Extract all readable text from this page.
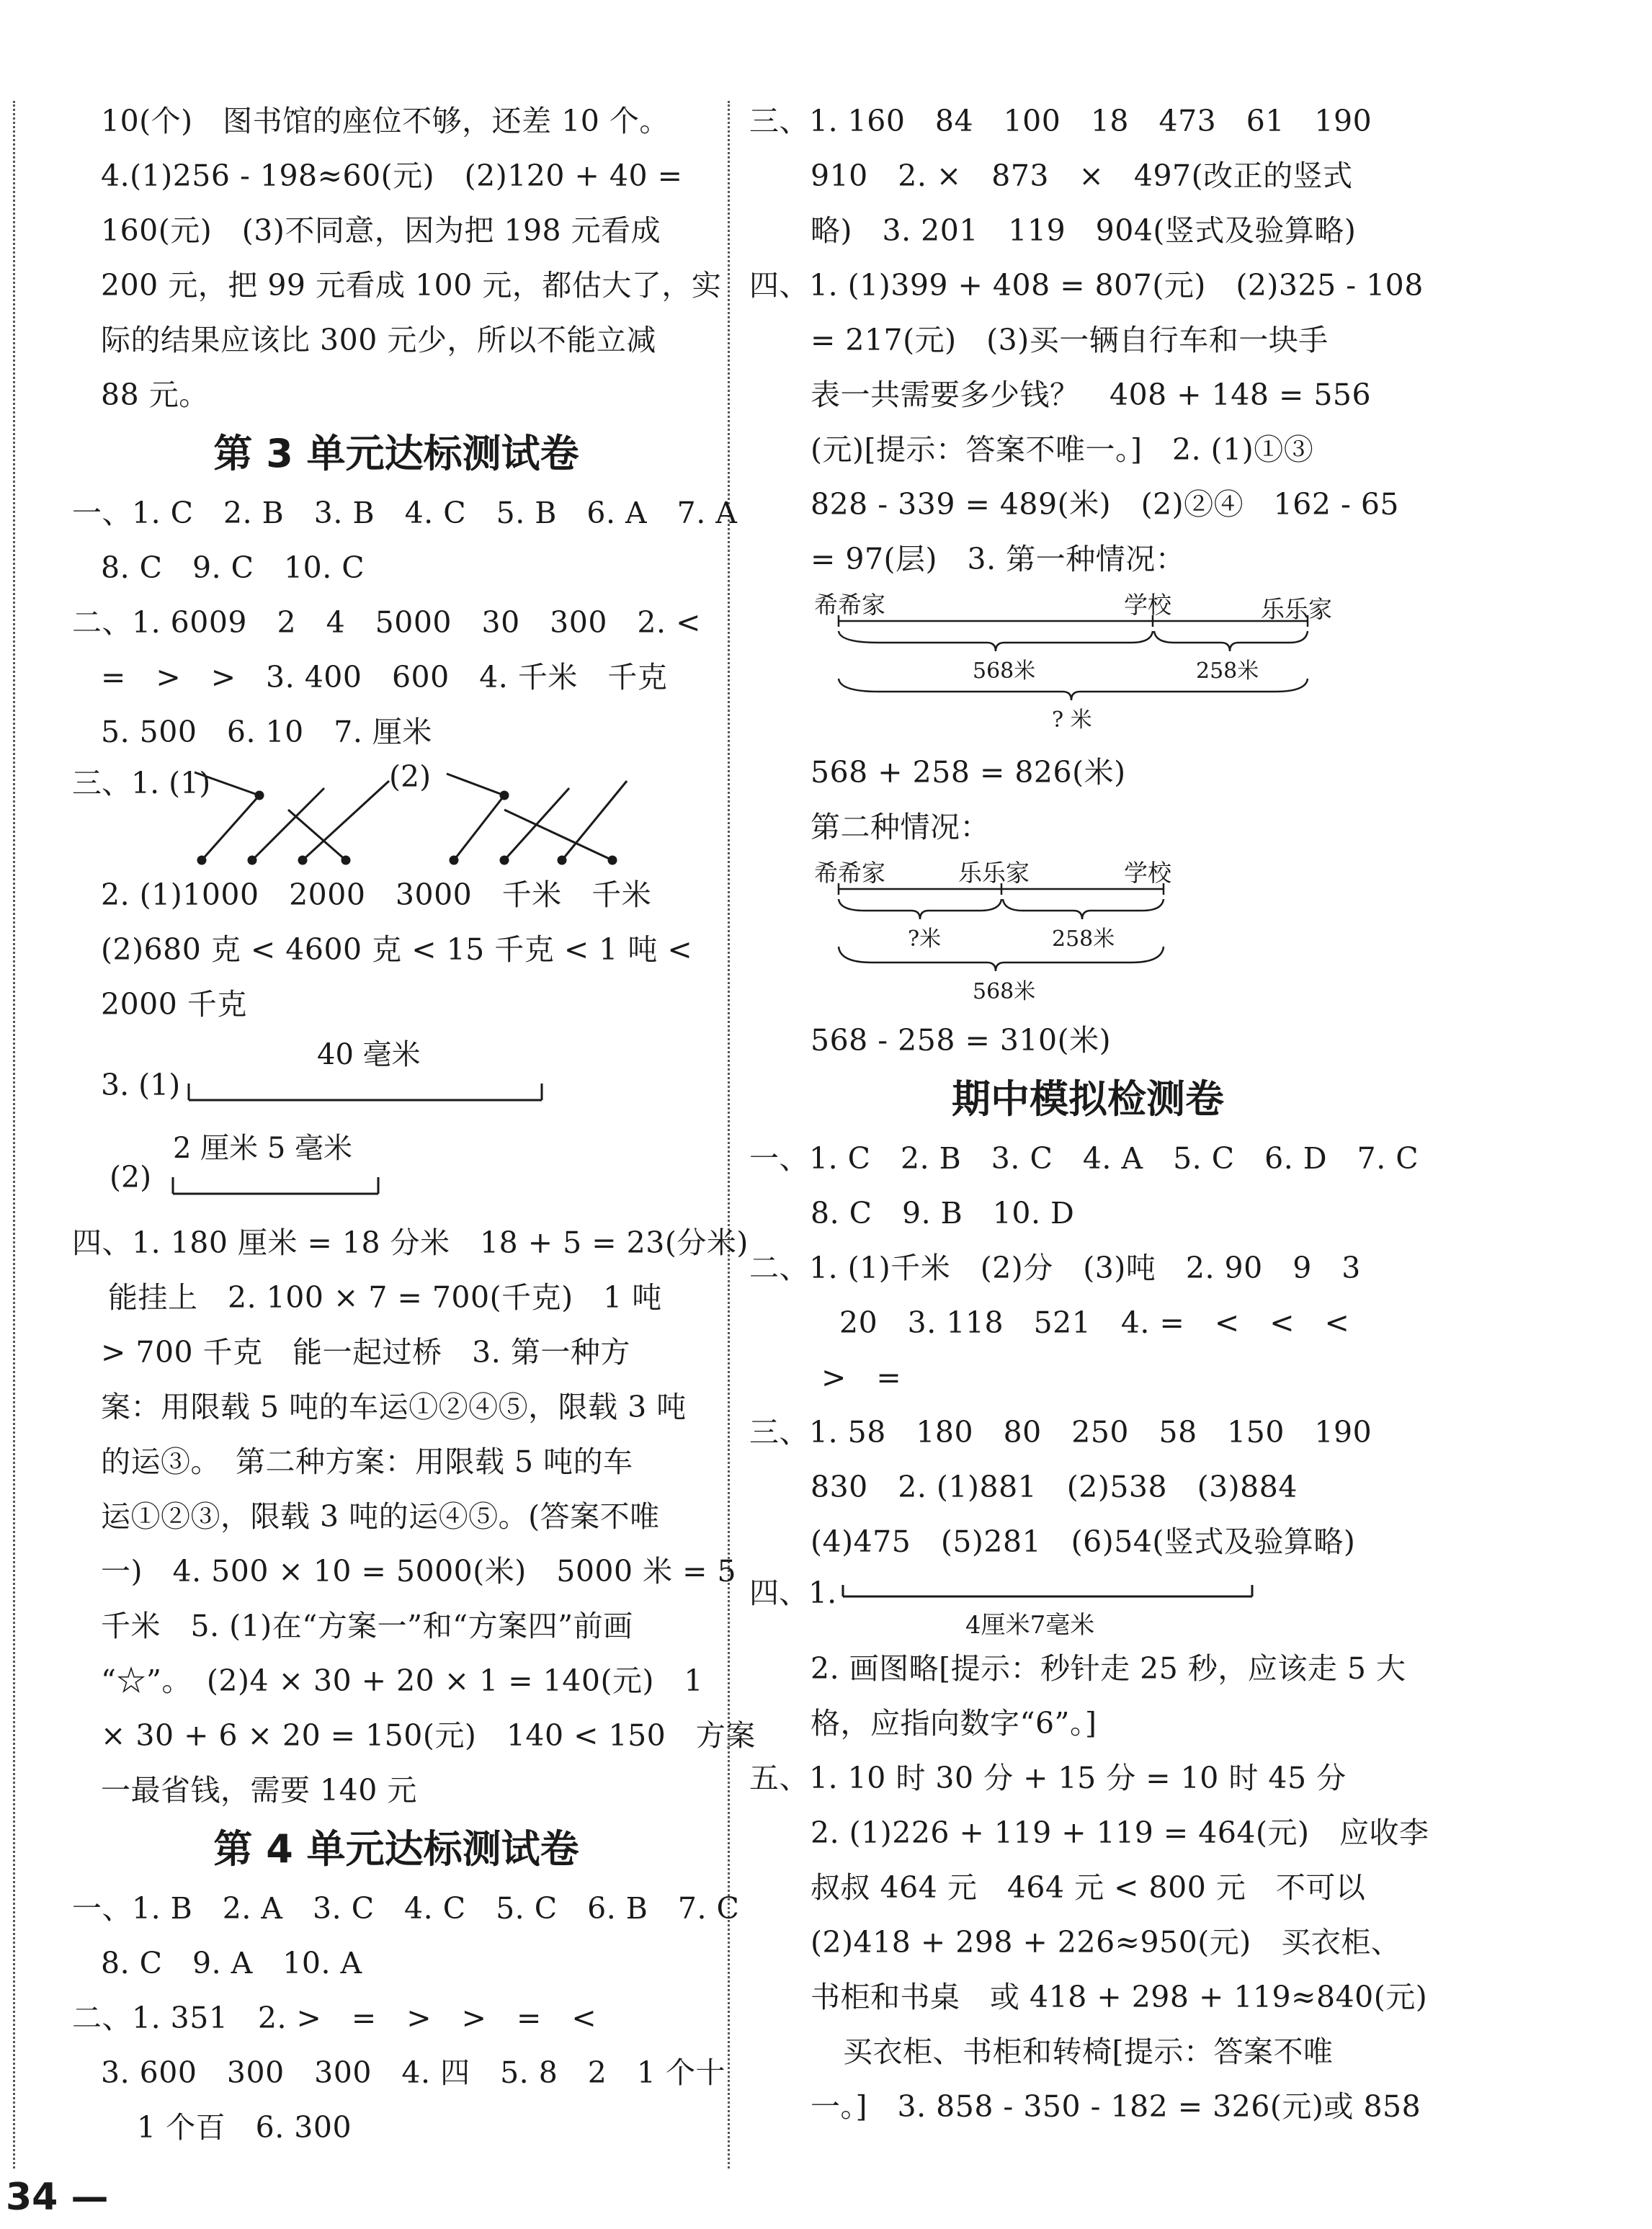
10(个)　图书馆的座位不够，还差 10 个。
4.(1)256 - 198≈60(元)　(2)120 + 40 =
160(元)　(3)不同意，因为把 198 元看成
200 元，把 99 元看成 100 元，都估大了，实
际的结果应该比 300 元少，所以不能立减
88 元。
第 3 单元达标测试卷
一、1. C　2. B　3. B　4. C　5. B　6. A　7. A
8. C　9. C　10. C
二、1. 6009　2　4　5000　30　300　2. <
=　>　>　3. 400　600　4. 千米　千克
5. 500　6. 10　7. 厘米
三、1. (1)	(2)
2. (1)1000　2000　3000　千米　千米
(2)680 克 < 4600 克 < 15 千克 < 1 吨 <
2000 千克
40 毫米
3. (1)
2 厘米 5 毫米
(2)
四、1. 180 厘米 = 18 分米　18 + 5 = 23(分米)
能挂上　2. 100 × 7 = 700(千克)　1 吨
> 700 千克　能一起过桥　3. 第一种方
案：用限载 5 吨的车运①②④⑤，限载 3 吨
的运③。　第二种方案：用限载 5 吨的车
运①②③，限载 3 吨的运④⑤。(答案不唯
一)　4. 500 × 10 = 5000(米)　5000 米 = 5
千米　5. (1)在“方案一”和“方案四”前画
“☆”。　(2)4 × 30 + 20 × 1 = 140(元)　1
× 30 + 6 × 20 = 150(元)　140 < 150　方案
一最省钱，需要 140 元
第 4 单元达标测试卷
一、1. B　2. A　3. C　4. C　5. C　6. B　7. C
8. C　9. A　10. A
二、1. 351　2. >　=　>　>　=　<
3. 600　300　300　4. 四　5. 8　2　1 个十
1 个百　6. 300
三、1. 160　84　100　18　473　61　190
910　2. ×　873　×　497(改正的竖式
略)　3. 201　119　904(竖式及验算略)
四、1. (1)399 + 408 = 807(元)　(2)325 - 108
= 217(元)　(3)买一辆自行车和一块手
表一共需要多少钱？　408 + 148 = 556
(元)[提示：答案不唯一。]　2. (1)①③
828 - 339 = 489(米)　(2)②④　162 - 65
= 97(层)　3. 第一种情况：
希希家	学校	乐乐家
568米	258米
? 米
568 + 258 = 826(米)
第二种情况：
希希家	乐乐家	学校
?米	258米
568米
568 - 258 = 310(米)
期中模拟检测卷
一、1. C　2. B　3. C　4. A　5. C　6. D　7. C
8. C　9. B　10. D
二、1. (1)千米　(2)分　(3)吨　2. 90　9　3
20　3. 118　521　4. =　<　<　<
>　=
三、1. 58　180　80　250　58　150　190
830　2. (1)881　(2)538　(3)884
(4)475　(5)281　(6)54(竖式及验算略)
四、1.
4厘米7毫米
2. 画图略[提示：秒针走 25 秒，应该走 5 大
格，应指向数字“6”。]
五、1. 10 时 30 分 + 15 分 = 10 时 45 分
2. (1)226 + 119 + 119 = 464(元)　应收李
叔叔 464 元　464 元 < 800 元　不可以
(2)418 + 298 + 226≈950(元)　买衣柜、
书柜和书桌　或 418 + 298 + 119≈840(元)
买衣柜、书柜和转椅[提示：答案不唯
一。]　3. 858 - 350 - 182 = 326(元)或 858
34 —
